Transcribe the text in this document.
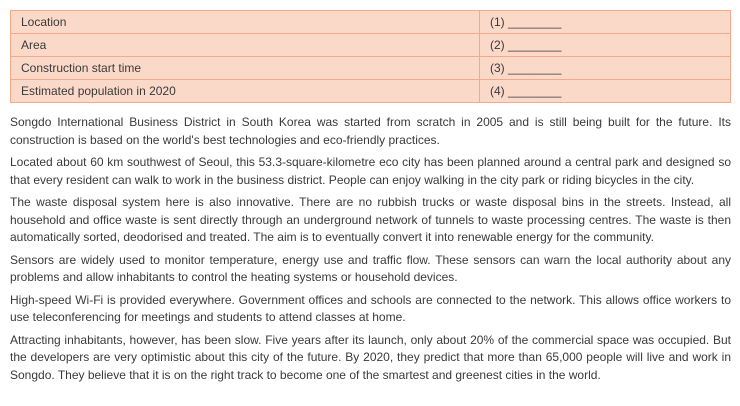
Location	(1) ________
Area	(2) ________
Construction start time	(3) ________
Estimated population in 2020	(4) ________

Songdo International Business District in South Korea was started from scratch in 2005 and is still being built for the future. Its construction is based on the world's best technologies and eco-friendly practices.

Located about 60 km southwest of Seoul, this 53.3-square-kilometre eco city has been planned around a central park and designed so that every resident can walk to work in the business district. People can enjoy walking in the city park or riding bicycles in the city.

The waste disposal system here is also innovative. There are no rubbish trucks or waste disposal bins in the streets. Instead, all household and office waste is sent directly through an underground network of tunnels to waste processing centres. The waste is then automatically sorted, deodorised and treated. The aim is to eventually convert it into renewable energy for the community.

Sensors are widely used to monitor temperature, energy use and traffic flow. These sensors can warn the local authority about any problems and allow inhabitants to control the heating systems or household devices.

High-speed Wi-Fi is provided everywhere. Government offices and schools are connected to the network. This allows office workers to use teleconferencing for meetings and students to attend classes at home.

Attracting inhabitants, however, has been slow. Five years after its launch, only about 20% of the commercial space was occupied. But the developers are very optimistic about this city of the future. By 2020, they predict that more than 65,000 people will live and work in Songdo. They believe that it is on the right track to become one of the smartest and greenest cities in the world.
